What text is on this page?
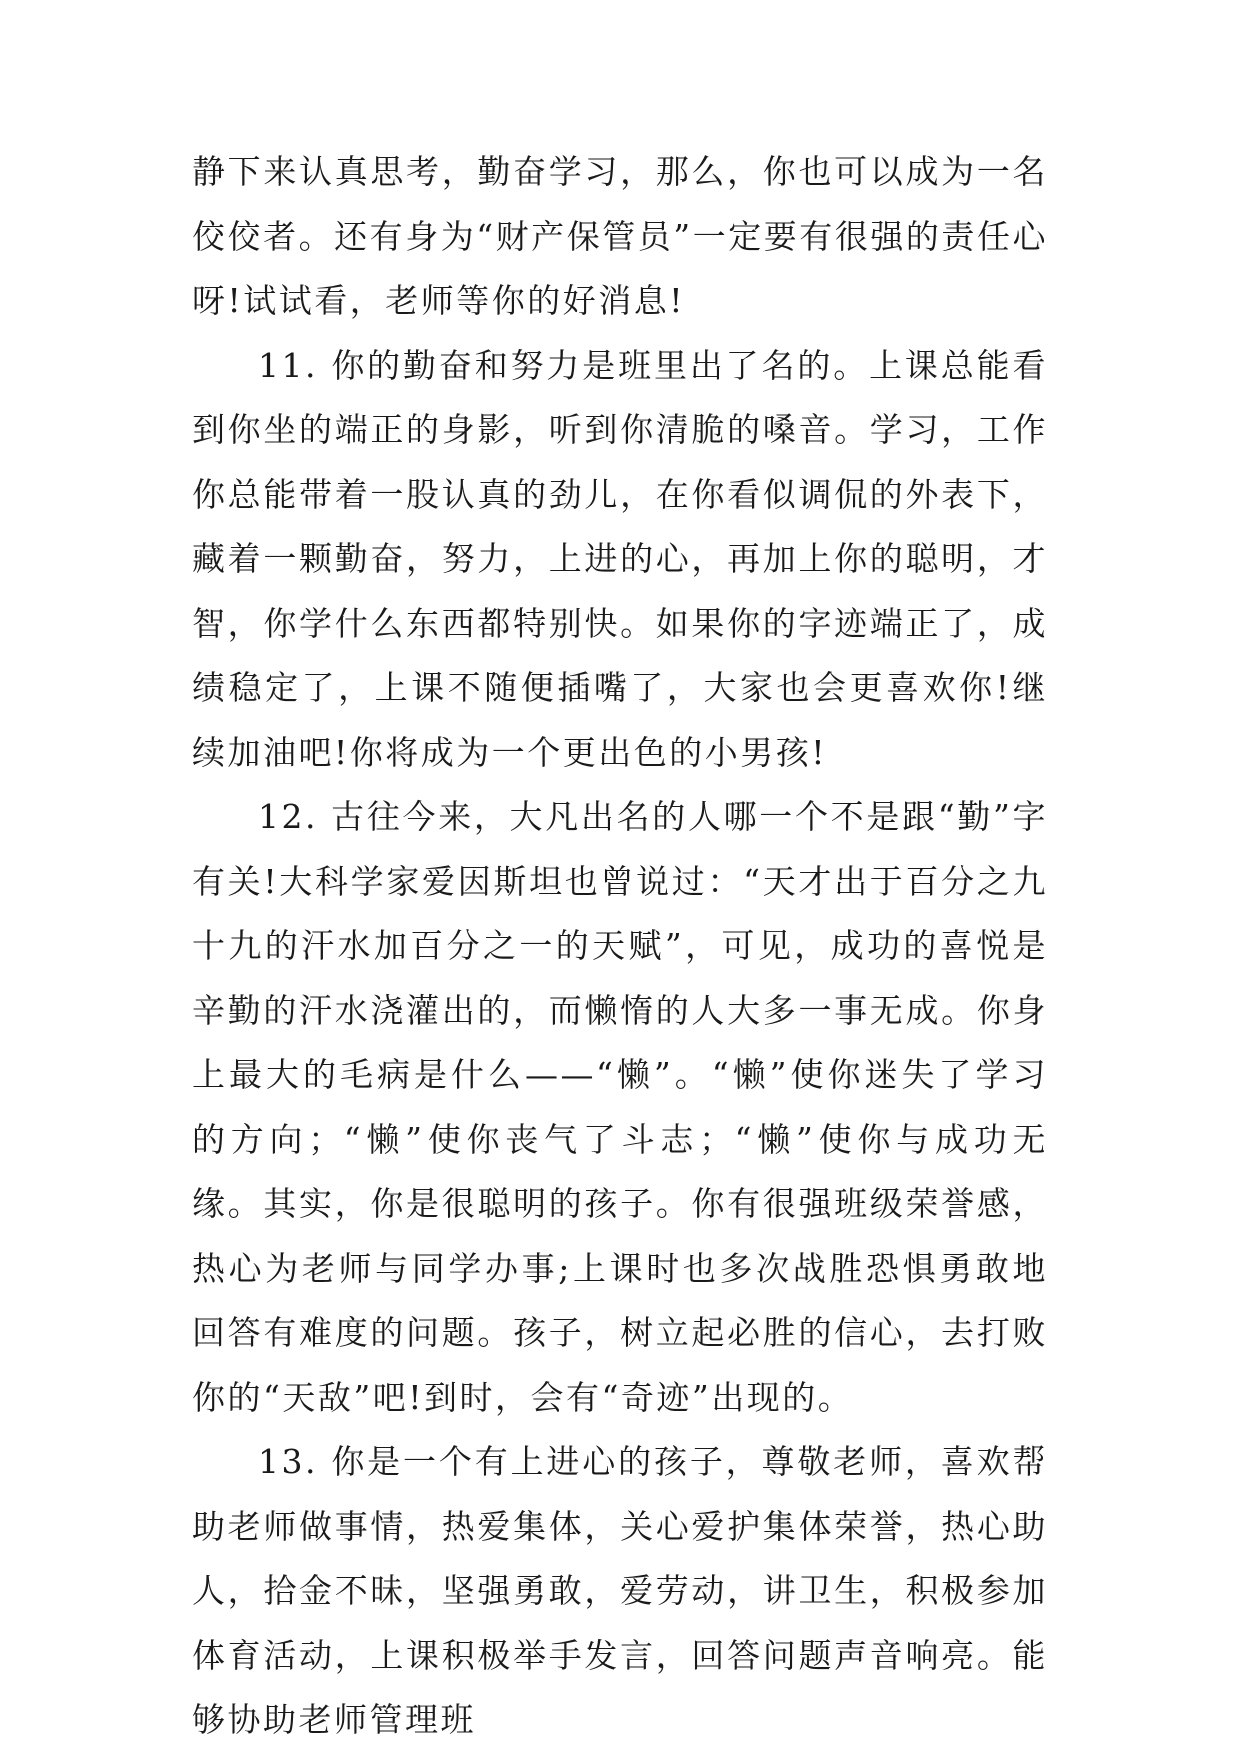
静下来认真思考，勤奋学习，那么，你也可以成为一名佼佼者。还有身为“财产保管员”一定要有很强的责任心呀!试试看，老师等你的好消息!

11. 你的勤奋和努力是班里出了名的。上课总能看到你坐的端正的身影，听到你清脆的嗓音。学习，工作你总能带着一股认真的劲儿，在你看似调侃的外表下，藏着一颗勤奋，努力，上进的心，再加上你的聪明，才智，你学什么东西都特别快。如果你的字迹端正了，成绩稳定了，上课不随便插嘴了，大家也会更喜欢你!继续加油吧!你将成为一个更出色的小男孩!

12. 古往今来，大凡出名的人哪一个不是跟“勤”字有关!大科学家爱因斯坦也曾说过：“天才出于百分之九十九的汗水加百分之一的天赋”，可见，成功的喜悦是辛勤的汗水浇灌出的，而懒惰的人大多一事无成。你身上最大的毛病是什么——“懒”。“懒”使你迷失了学习的方向；“懒”使你丧气了斗志；“懒”使你与成功无缘。其实，你是很聪明的孩子。你有很强班级荣誉感，热心为老师与同学办事;上课时也多次战胜恐惧勇敢地回答有难度的问题。孩子，树立起必胜的信心，去打败你的“天敌”吧!到时，会有“奇迹”出现的。

13. 你是一个有上进心的孩子，尊敬老师，喜欢帮助老师做事情，热爱集体，关心爱护集体荣誉，热心助人，拾金不昧，坚强勇敢，爱劳动，讲卫生，积极参加体育活动，上课积极举手发言，回答问题声音响亮。能够协助老师管理班
